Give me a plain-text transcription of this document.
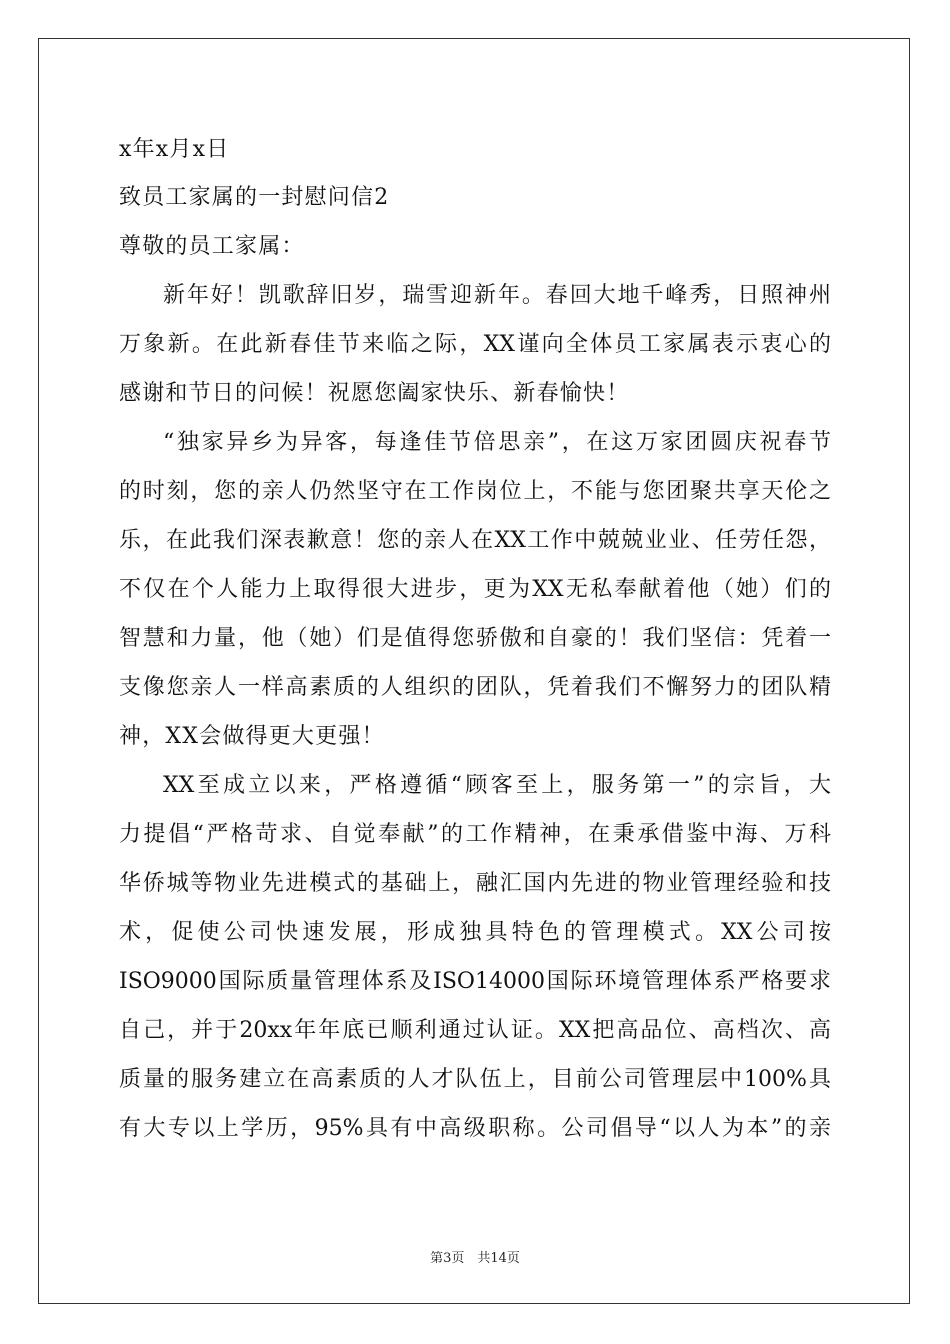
x年x月x日
致员工家属的一封慰问信2
尊敬的员工家属：
新年好！凯歌辞旧岁，瑞雪迎新年。春回大地千峰秀，日照神州
万象新。在此新春佳节来临之际，XX谨向全体员工家属表示衷心的
感谢和节日的问候！祝愿您阖家快乐、新春愉快！
“独家异乡为异客，每逢佳节倍思亲”，在这万家团圆庆祝春节
的时刻，您的亲人仍然坚守在工作岗位上，不能与您团聚共享天伦之
乐，在此我们深表歉意！您的亲人在XX工作中兢兢业业、任劳任怨，
不仅在个人能力上取得很大进步，更为XX无私奉献着他（她）们的
智慧和力量，他（她）们是值得您骄傲和自豪的！我们坚信：凭着一
支像您亲人一样高素质的人组织的团队，凭着我们不懈努力的团队精
神，XX会做得更大更强！
XX至成立以来，严格遵循“顾客至上，服务第一”的宗旨，大
力提倡“严格苛求、自觉奉献”的工作精神，在秉承借鉴中海、万科
华侨城等物业先进模式的基础上，融汇国内先进的物业管理经验和技
术，促使公司快速发展，形成独具特色的管理模式。XX公司按
ISO9000国际质量管理体系及ISO14000国际环境管理体系严格要求
自己，并于20xx年年底已顺利通过认证。XX把高品位、高档次、高
质量的服务建立在高素质的人才队伍上，目前公司管理层中100%具
有大专以上学历，95%具有中高级职称。公司倡导“以人为本”的亲
第3页　共14页
